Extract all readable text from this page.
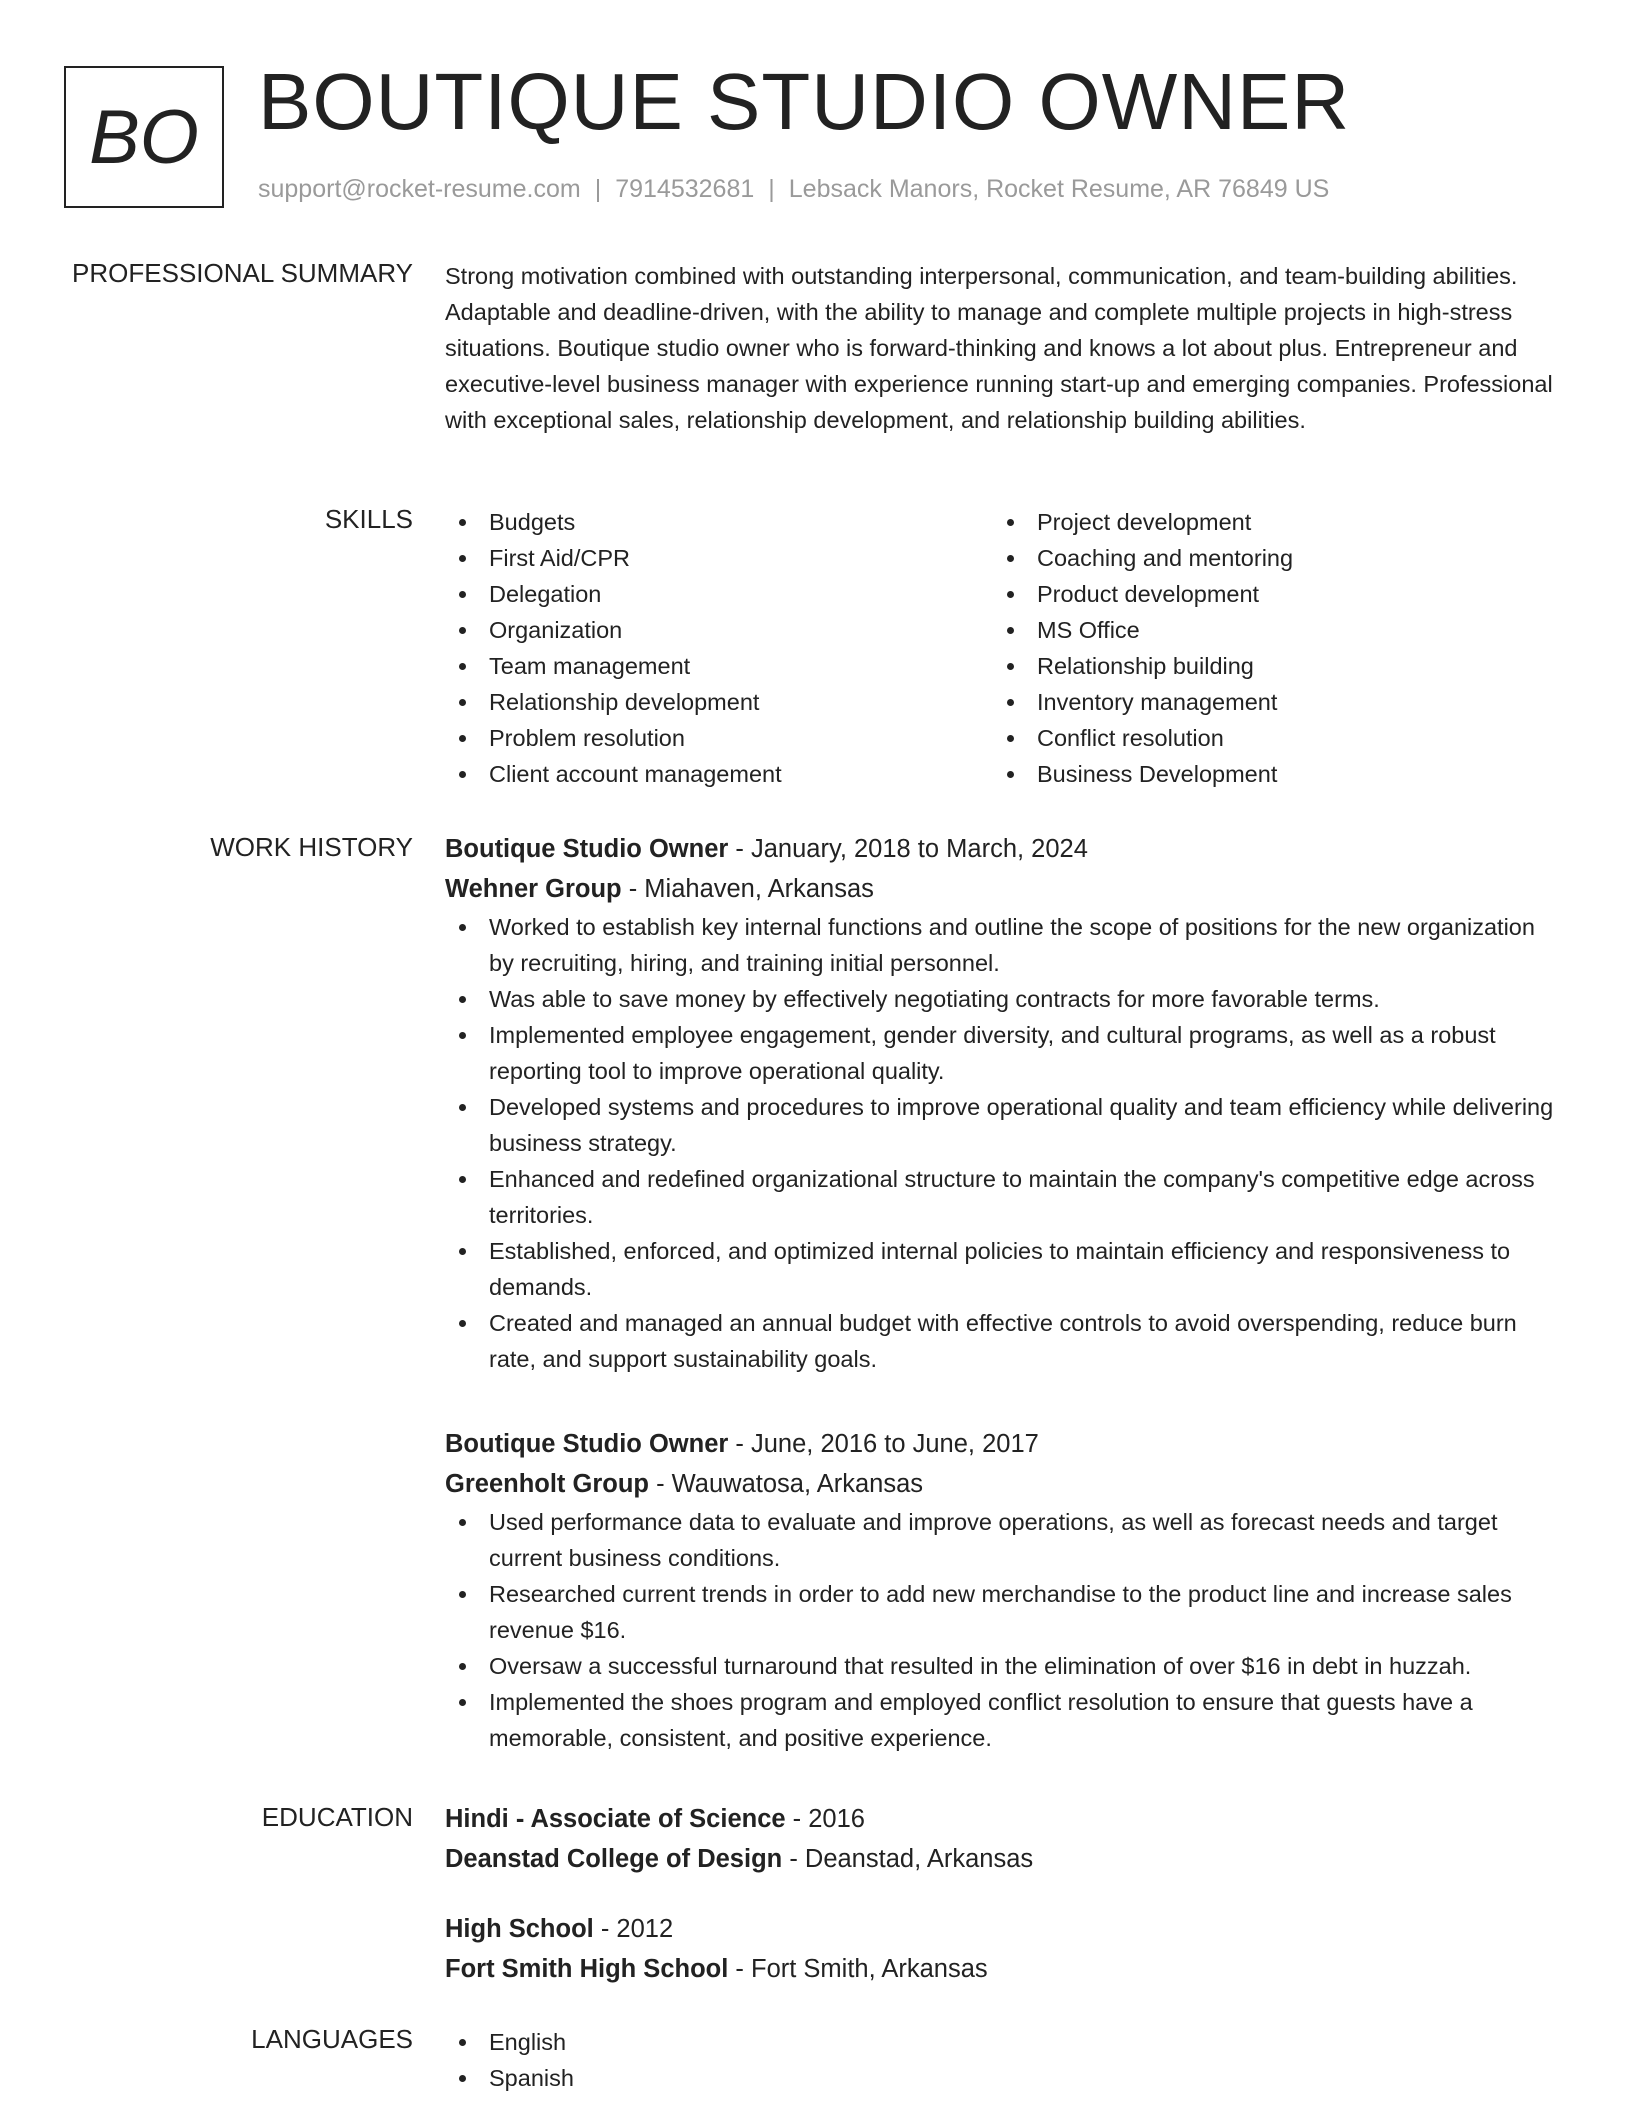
BO BOUTIQUE STUDIO OWNER
support@rocket-resume.com | 7914532681 | Lebsack Manors, Rocket Resume, AR 76849 US
PROFESSIONAL SUMMARY Strong motivation combined with outstanding interpersonal, communication, and team-building abilities. Adaptable and deadline-driven, with the ability to manage and complete multiple projects in high-stress situations. Boutique studio owner who is forward-thinking and knows a lot about plus. Entrepreneur and executive-level business manager with experience running start-up and emerging companies. Professional with exceptional sales, relationship development, and relationship building abilities.
SKILLS	Budgets
First Aid/CPR
Delegation
Organization
Team management
Relationship development
Problem resolution
Client account management
Project development
Coaching and mentoring
Product development
MS Office
Relationship building
Inventory management
Conflict resolution
Business Development
WORK HISTORY Boutique Studio Owner - January, 2018 to March, 2024
Wehner Group - Miahaven, Arkansas
Worked to establish key internal functions and outline the scope of positions for the new organization by recruiting, hiring, and training initial personnel.
Was able to save money by effectively negotiating contracts for more favorable terms.
Implemented employee engagement, gender diversity, and cultural programs, as well as a robust reporting tool to improve operational quality.
Developed systems and procedures to improve operational quality and team efficiency while delivering business strategy.
Enhanced and redefined organizational structure to maintain the company's competitive edge across territories.
Established, enforced, and optimized internal policies to maintain efficiency and responsiveness to demands.
Created and managed an annual budget with effective controls to avoid overspending, reduce burn rate, and support sustainability goals.
Boutique Studio Owner - June, 2016 to June, 2017
Greenholt Group - Wauwatosa, Arkansas
Used performance data to evaluate and improve operations, as well as forecast needs and target current business conditions.
Researched current trends in order to add new merchandise to the product line and increase sales revenue $16.
Oversaw a successful turnaround that resulted in the elimination of over $16 in debt in huzzah.
Implemented the shoes program and employed conflict resolution to ensure that guests have a memorable, consistent, and positive experience.
EDUCATION Hindi - Associate of Science - 2016
Deanstad College of Design - Deanstad, Arkansas
High School - 2012
Fort Smith High School - Fort Smith, Arkansas
LANGUAGES	English
Spanish
